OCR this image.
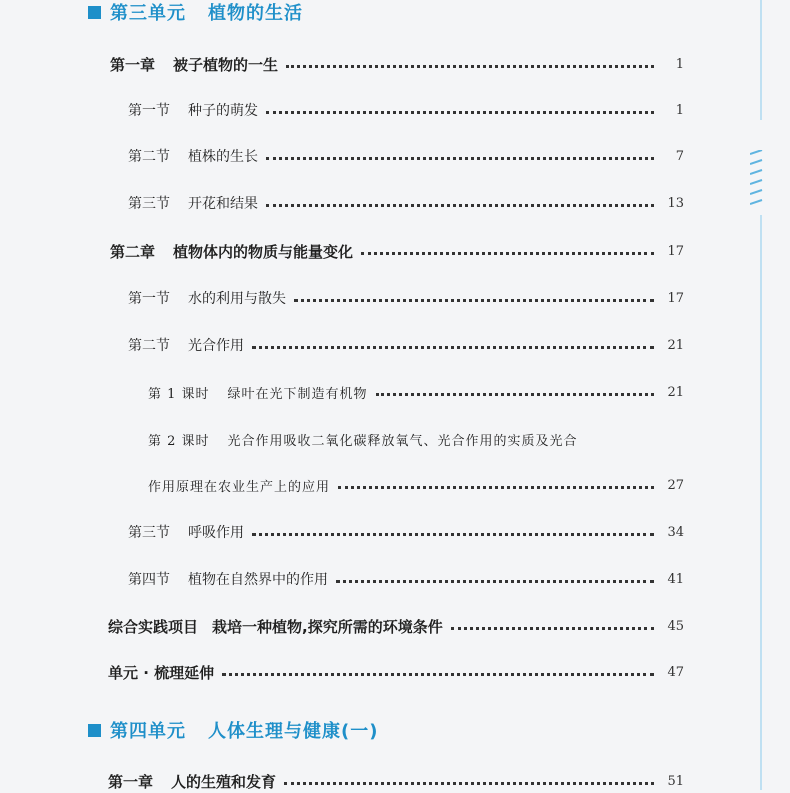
第三单元 植物的生活
第一章 被子植物的一生	1
第一节 种子的萌发	1
第二节 植株的生长	7
第三节 开花和结果	13
第二章 植物体内的物质与能量变化	17
第一节 水的利用与散失	17
第二节 光合作用	21
第 1 课时 绿叶在光下制造有机物	21
第 2 课时 光合作用吸收二氧化碳释放氧气、光合作用的实质及光合
作用原理在农业生产上的应用	27
第三节 呼吸作用	34
第四节 植物在自然界中的作用	41
综合实践项目 栽培一种植物,探究所需的环境条件	45
单元 · 梳理延伸	47
第四单元 人体生理与健康(一)
第一章 人的生殖和发育	51
